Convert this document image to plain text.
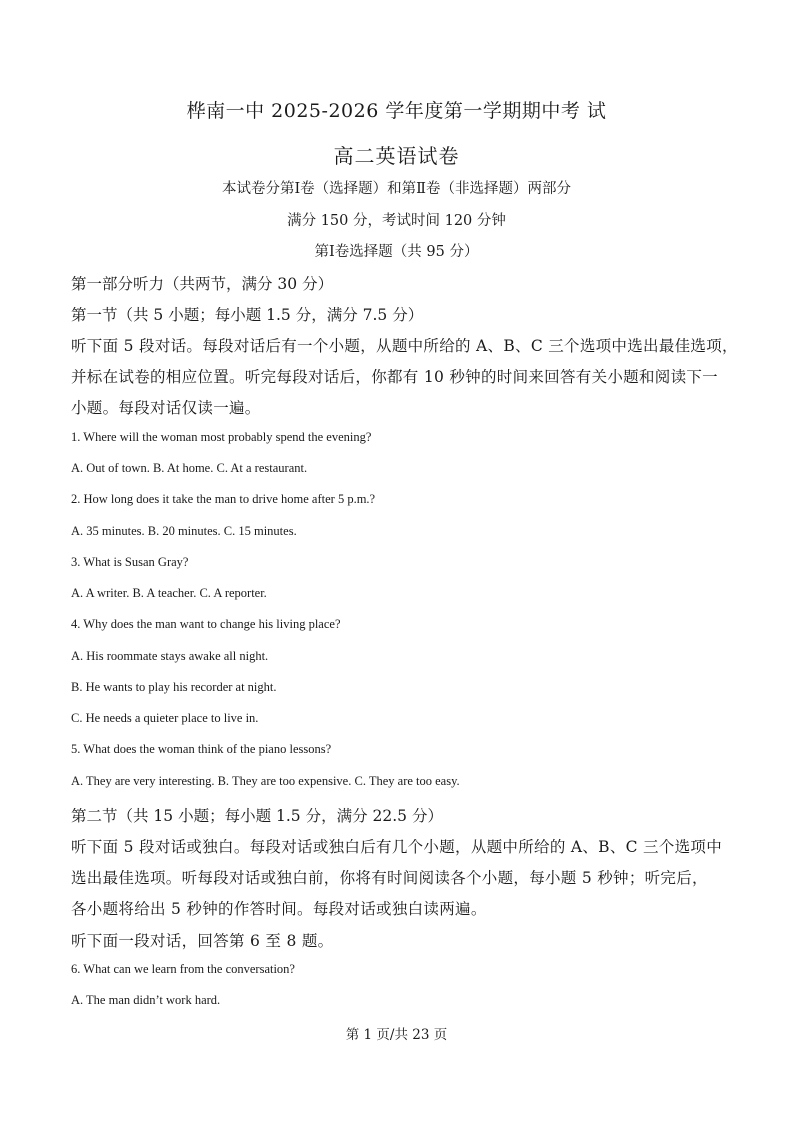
桦南一中 2025-2026 学年度第一学期期中考 试
高二英语试卷
本试卷分第Ⅰ卷（选择题）和第Ⅱ卷（非选择题）两部分
满分 150 分，考试时间 120 分钟
第Ⅰ卷选择题（共 95 分）
第一部分听力（共两节，满分 30 分）
第一节（共 5 小题；每小题 1.5 分，满分 7.5 分）
听下面 5 段对话。每段对话后有一个小题，从题中所给的 A、B、C 三个选项中选出最佳选项，
并标在试卷的相应位置。听完每段对话后，你都有 10 秒钟的时间来回答有关小题和阅读下一
小题。每段对话仅读一遍。
1. Where will the woman most probably spend the evening?
A. Out of town. B. At home. C. At a restaurant.
2. How long does it take the man to drive home after 5 p.m.?
A. 35 minutes. B. 20 minutes. C. 15 minutes.
3. What is Susan Gray?
A. A writer. B. A teacher. C. A reporter.
4. Why does the man want to change his living place?
A. His roommate stays awake all night.
B. He wants to play his recorder at night.
C. He needs a quieter place to live in.
5. What does the woman think of the piano lessons?
A. They are very interesting. B. They are too expensive. C. They are too easy.
第二节（共 15 小题；每小题 1.5 分，满分 22.5 分）
听下面 5 段对话或独白。每段对话或独白后有几个小题，从题中所给的 A、B、C 三个选项中
选出最佳选项。听每段对话或独白前，你将有时间阅读各个小题，每小题 5 秒钟；听完后，
各小题将给出 5 秒钟的作答时间。每段对话或独白读两遍。
听下面一段对话，回答第 6 至 8 题。
6. What can we learn from the conversation?
A. The man didn’t work hard.
第 1 页/共 23 页
